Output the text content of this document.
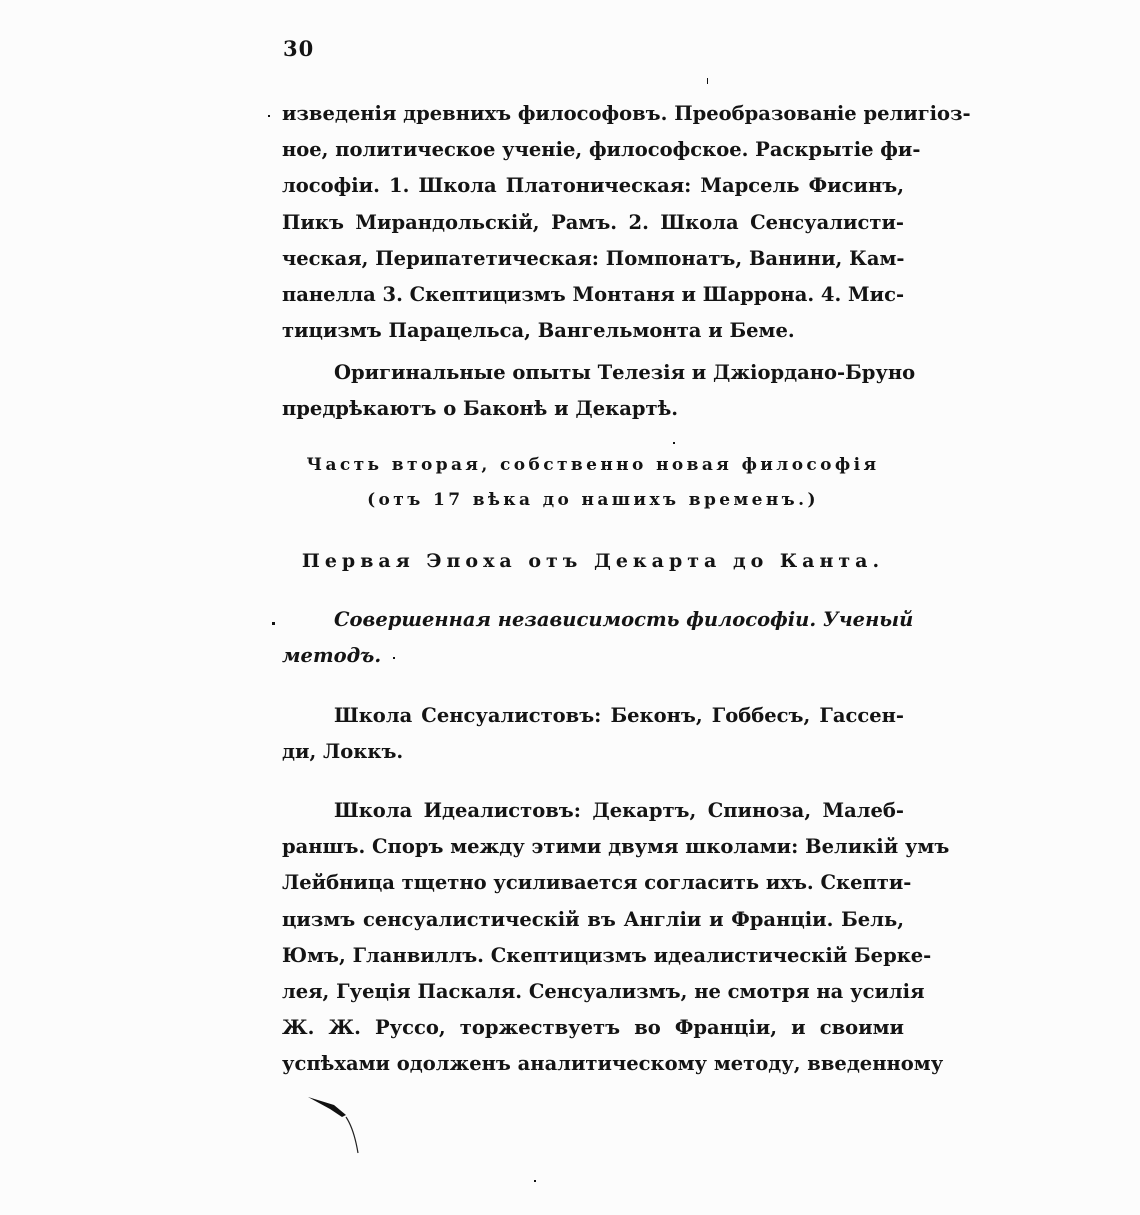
30
изведенія древнихъ философовъ. Преобразованіе религіоз-
ное, политическое ученіе, философское. Раскрытіе фи-
лософіи. 1. Школа Платоническая: Марсель Фисинъ,
Пикъ Мирандольскій, Рамъ. 2. Школа Сенсуалисти-
ческая, Перипатетическая: Помпонатъ, Ванини, Кам-
панелла 3. Скептицизмъ Монтаня и Шаррона. 4. Мис-
тицизмъ Парацельса, Вангельмонта и Беме.
Оригинальные опыты Телезія и Джіордано-Бруно
предрѣкаютъ о Баконѣ и Декартѣ.
Часть вторая, собственно новая философія
(отъ 17 вѣка до нашихъ временъ.)
Первая Эпоха отъ Декарта до Канта.
Совершенная независимость философіи. Ученый
методъ.
Школа Сенсуалистовъ: Беконъ, Гоббесъ, Гассен-
ди, Локкъ.
Школа Идеалистовъ: Декартъ, Спиноза, Малеб-
раншъ. Споръ между этими двумя школами: Великій умъ
Лейбница тщетно усиливается согласить ихъ. Скепти-
цизмъ сенсуалистическій въ Англіи и Франціи. Бель,
Юмъ, Гланвиллъ. Скептицизмъ идеалистическій Берке-
лея, Гуеція Паскаля. Сенсуализмъ, не смотря на усилія
Ж. Ж. Руссо, торжествуетъ во Франціи, и своими
успѣхами одолженъ аналитическому методу, введенному
